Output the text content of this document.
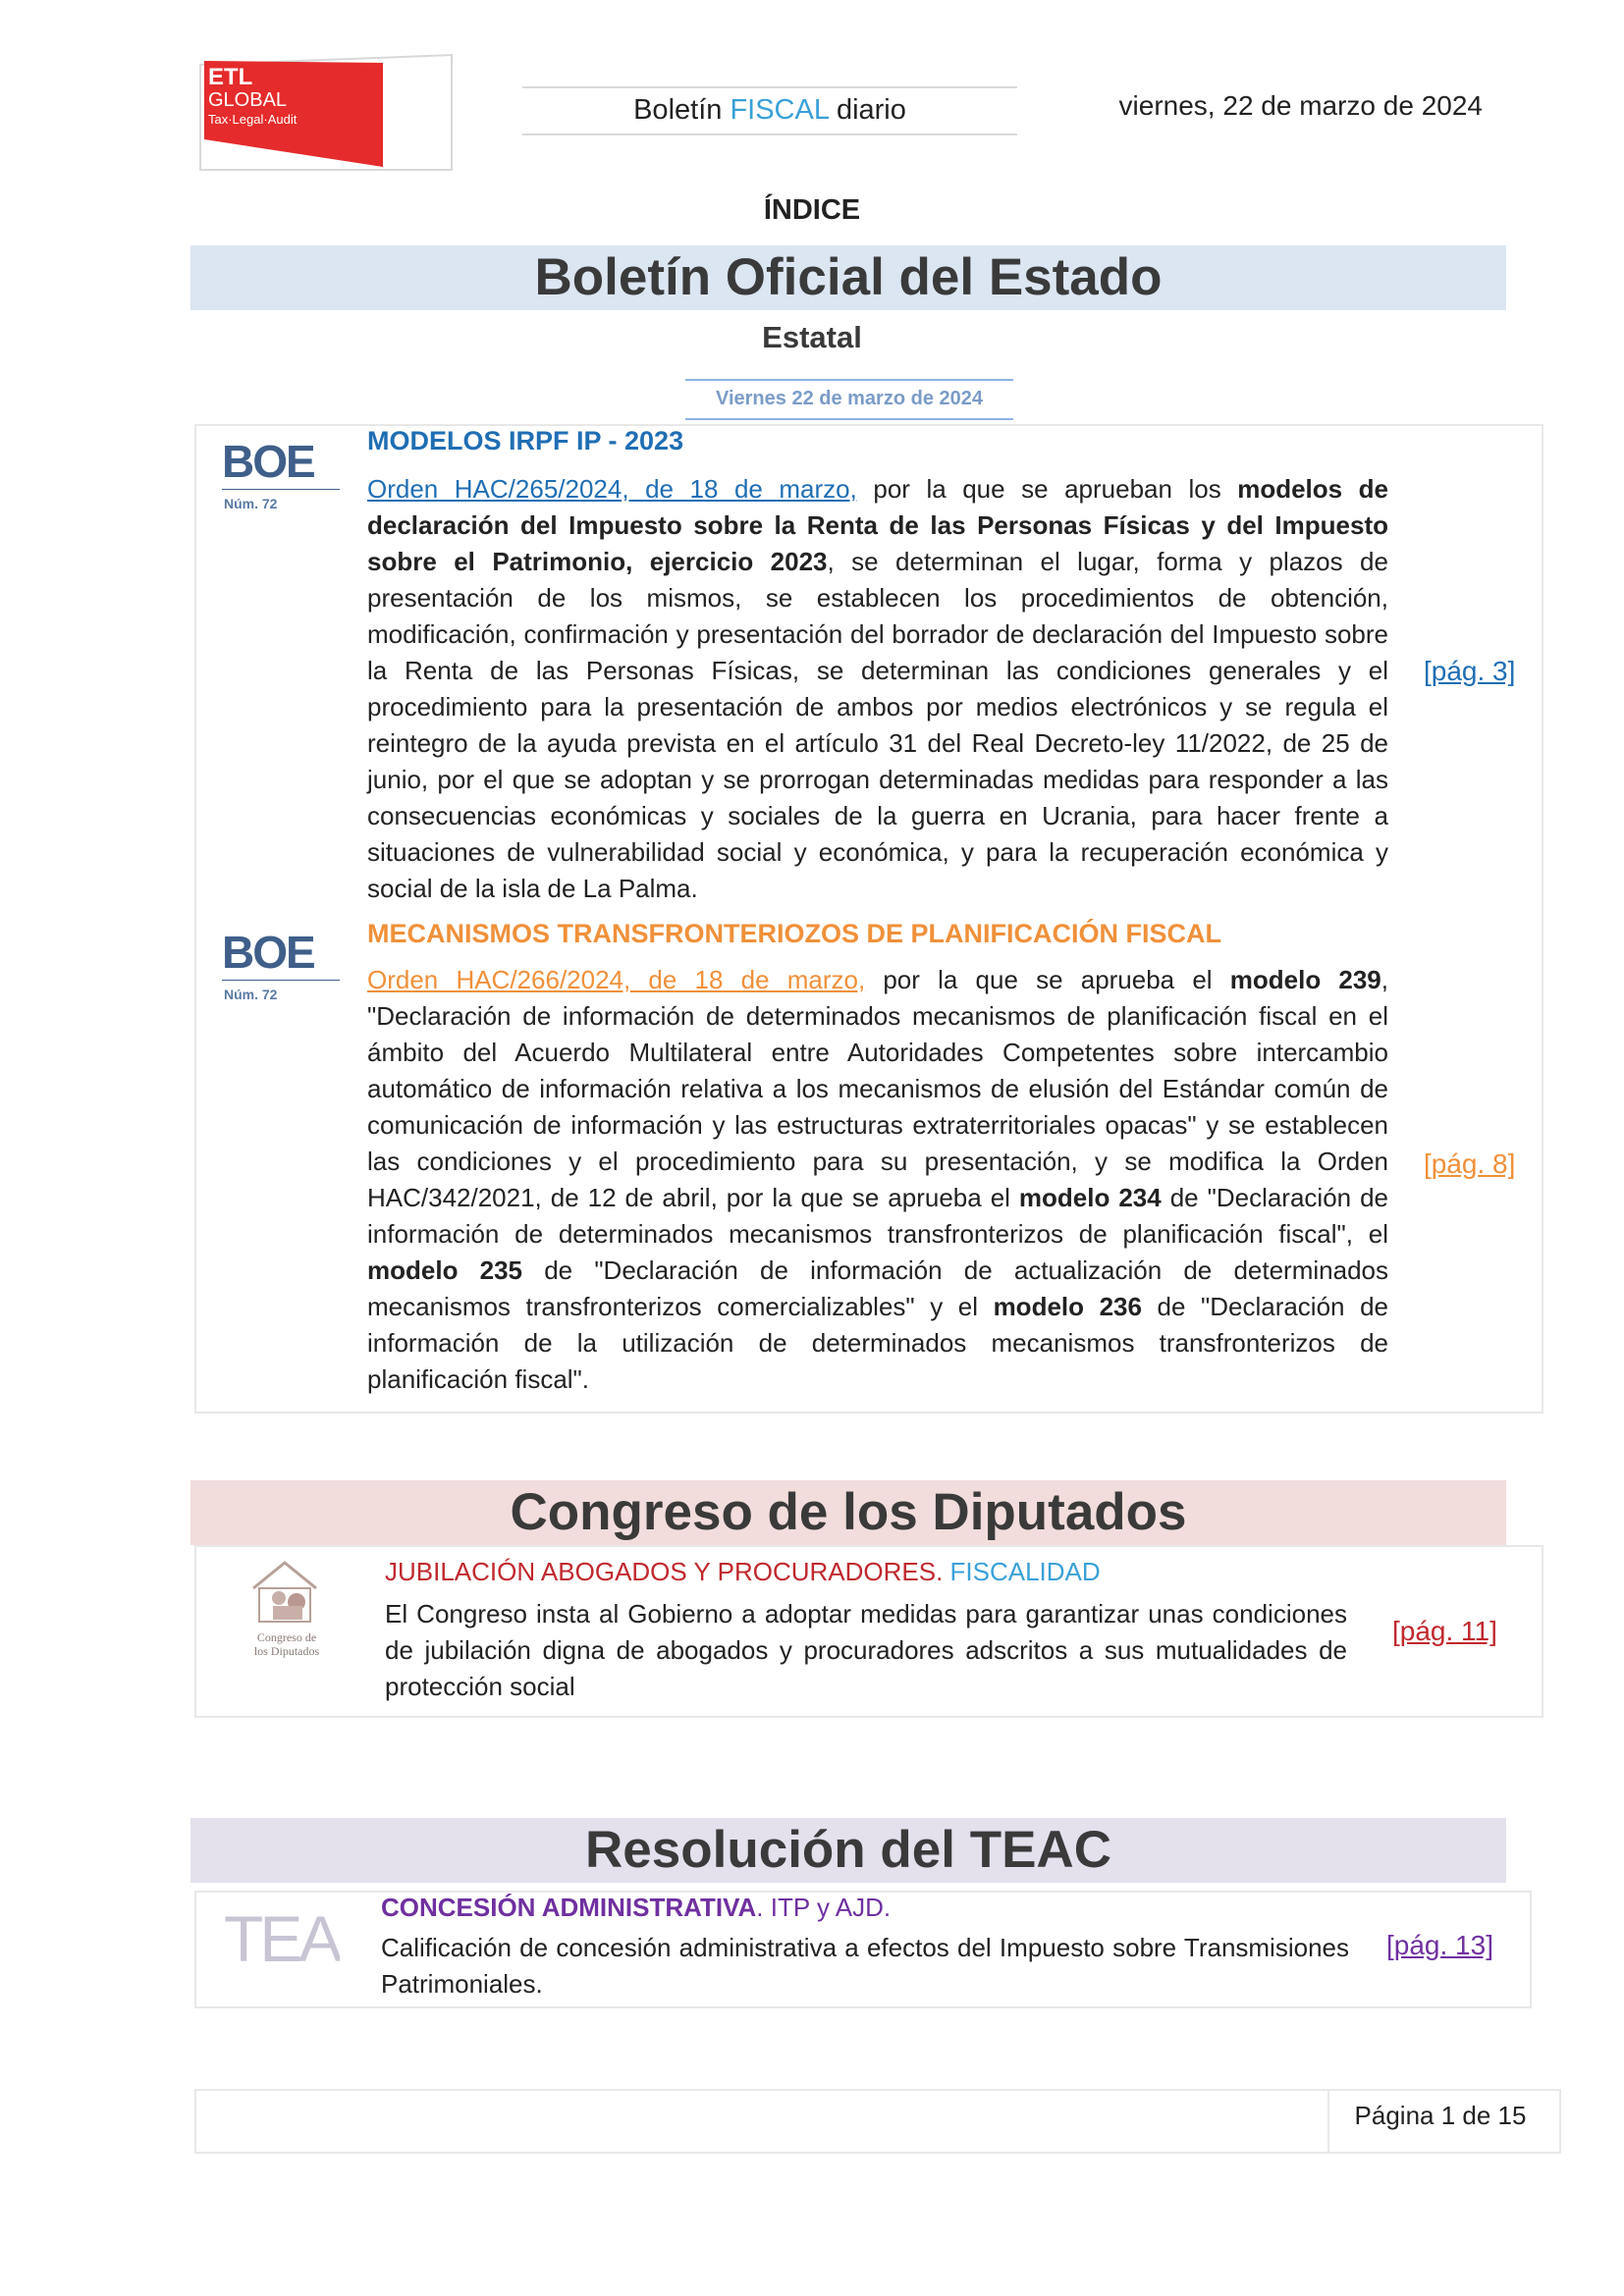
ETL
GLOBAL
Tax·Legal·Audit	Boletín FISCAL diario	viernes, 22 de marzo de 2024
ÍNDICE
Boletín Oficial del Estado
Estatal
Viernes 22 de marzo de 2024
BOE
Núm. 72
MODELOS IRPF IP - 2023
Orden HAC/265/2024, de 18 de marzo, por la que se aprueban los modelos de declaración del Impuesto sobre la Renta de las Personas Físicas y del Impuesto sobre el Patrimonio, ejercicio 2023, se determinan el lugar, forma y plazos de presentación de los mismos, se establecen los procedimientos de obtención, modificación, confirmación y presentación del borrador de declaración del Impuesto sobre la Renta de las Personas Físicas, se determinan las condiciones generales y el procedimiento para la presentación de ambos por medios electrónicos y se regula el reintegro de la ayuda prevista en el artículo 31 del Real Decreto-ley 11/2022, de 25 de junio, por el que se adoptan y se prorrogan determinadas medidas para responder a las consecuencias económicas y sociales de la guerra en Ucrania, para hacer frente a situaciones de vulnerabilidad social y económica, y para la recuperación económica y social de la isla de La Palma.
[pág. 3]
BOE
Núm. 72
MECANISMOS TRANSFRONTERIOZOS DE PLANIFICACIÓN FISCAL
Orden HAC/266/2024, de 18 de marzo, por la que se aprueba el modelo 239, "Declaración de información de determinados mecanismos de planificación fiscal en el ámbito del Acuerdo Multilateral entre Autoridades Competentes sobre intercambio automático de información relativa a los mecanismos de elusión del Estándar común de comunicación de información y las estructuras extraterritoriales opacas" y se establecen las condiciones y el procedimiento para su presentación, y se modifica la Orden HAC/342/2021, de 12 de abril, por la que se aprueba el modelo 234 de "Declaración de información de determinados mecanismos transfronterizos de planificación fiscal", el modelo 235 de "Declaración de información de actualización de determinados mecanismos transfronterizos comercializables" y el modelo 236 de "Declaración de información de la utilización de determinados mecanismos transfronterizos de planificación fiscal".
[pág. 8]
Congreso de los Diputados
Congreso de
los Diputados
JUBILACIÓN ABOGADOS Y PROCURADORES. FISCALIDAD
El Congreso insta al Gobierno a adoptar medidas para garantizar unas condiciones de jubilación digna de abogados y procuradores adscritos a sus mutualidades de protección social
[pág. 11]
Resolución del TEAC
TEA CONCESIÓN ADMINISTRATIVA. ITP y AJD.
Calificación de concesión administrativa a efectos del Impuesto sobre Transmisiones Patrimoniales.
[pág. 13]
Página 1 de 15
